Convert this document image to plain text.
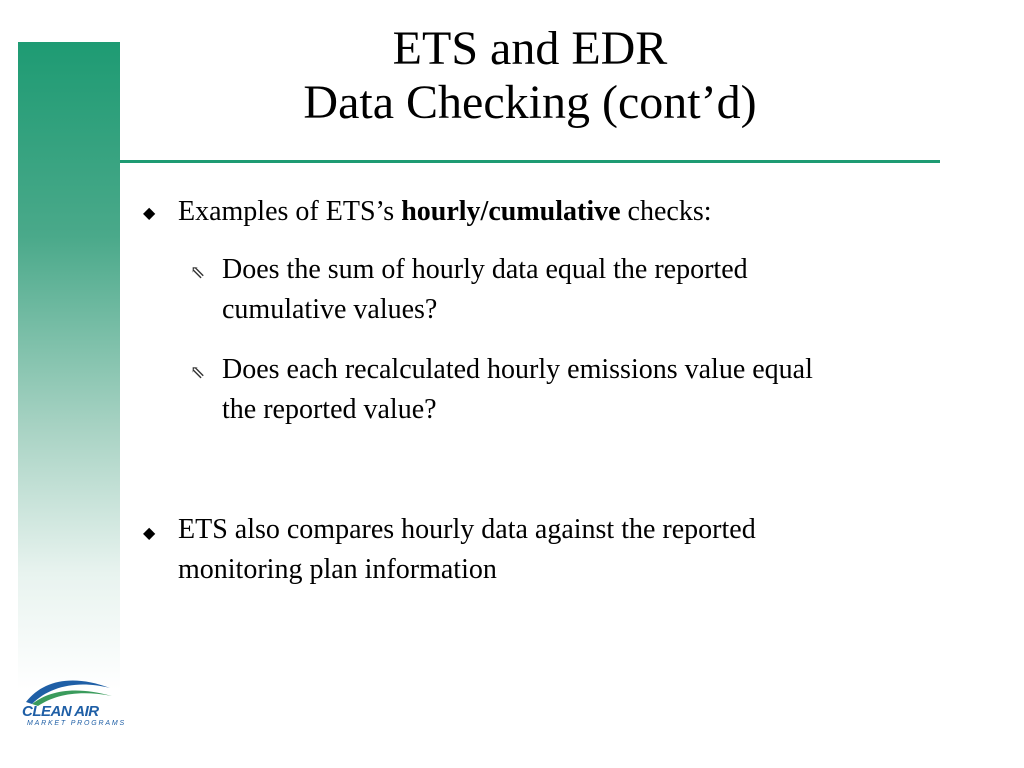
ETS and EDR
Data Checking (cont’d)
◆ Examples of ETS’s hourly/cumulative checks:
⇖ Does the sum of hourly data equal the reported
cumulative values?
⇖ Does each recalculated hourly emissions value equal
the reported value?
◆ ETS also compares hourly data against the reported
monitoring plan information
CLEAN AIR
MARKET PROGRAMS
